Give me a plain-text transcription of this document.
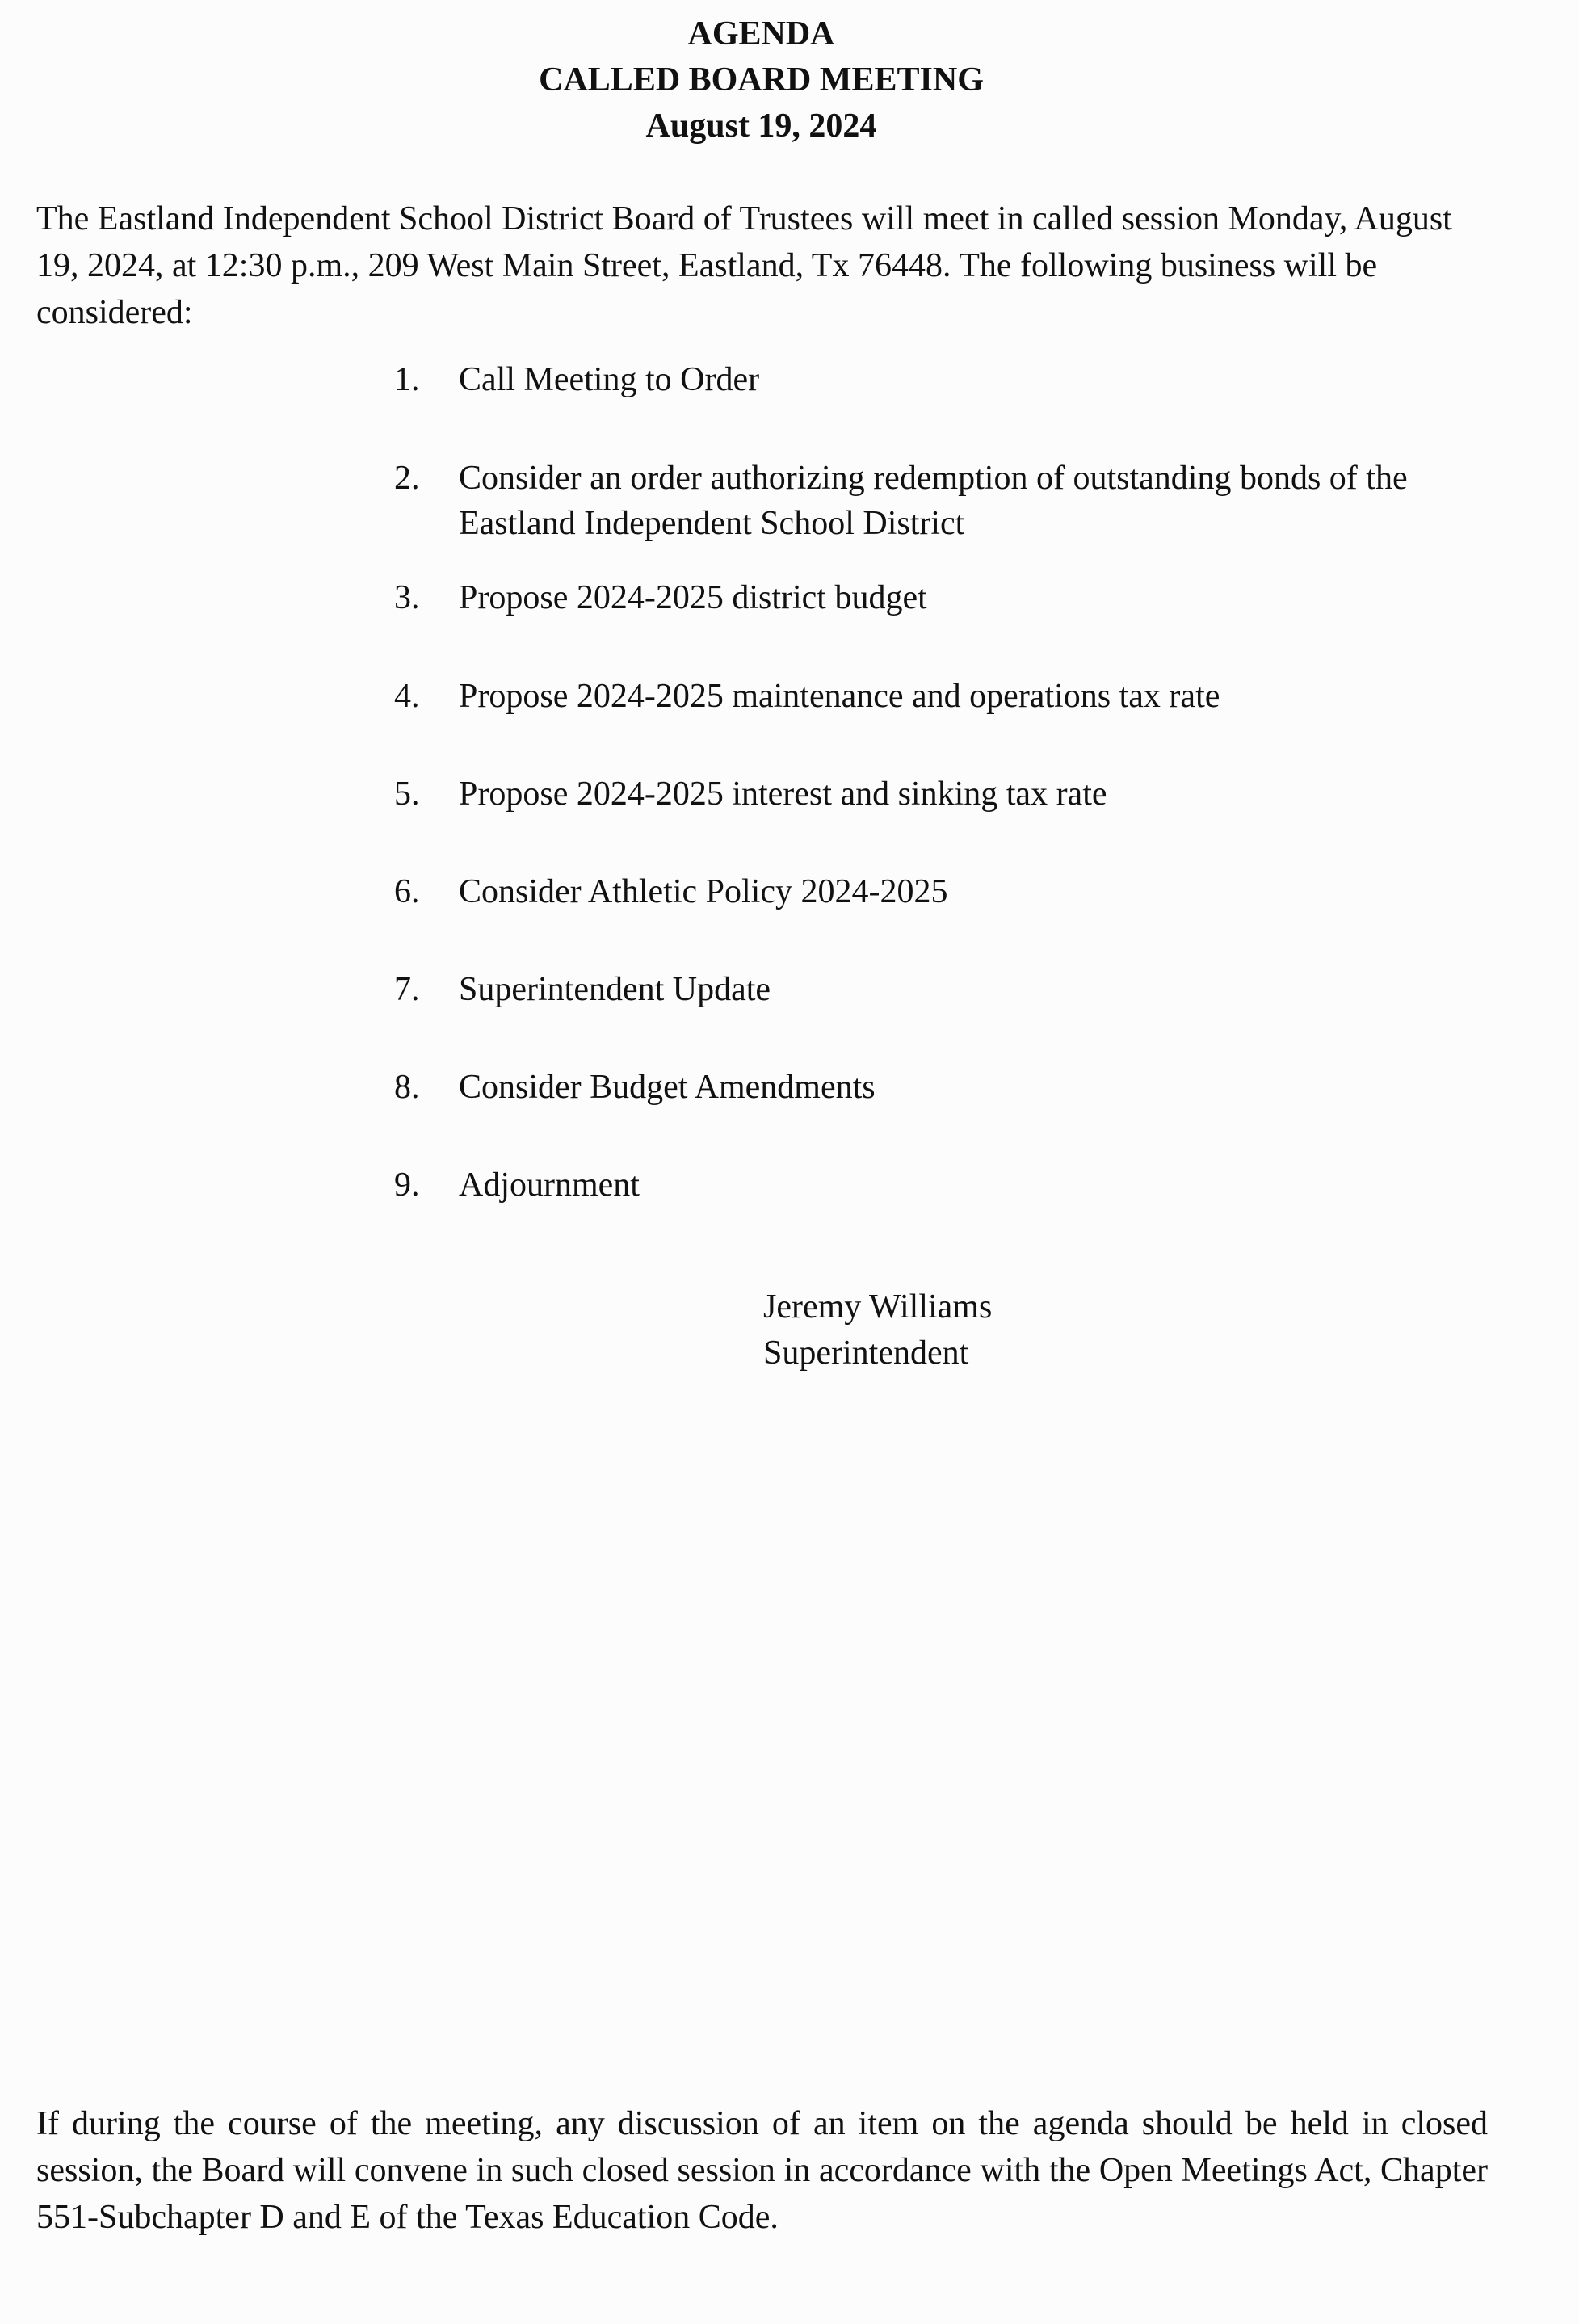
AGENDA
CALLED BOARD MEETING
August 19, 2024
The Eastland Independent School District Board of Trustees will meet in called session Monday, August 19, 2024, at 12:30 p.m., 209 West Main Street, Eastland, Tx 76448. The following business will be considered:
1.	Call Meeting to Order
2.	Consider an order authorizing redemption of outstanding bonds of the Eastland Independent School District
3.	Propose 2024-2025 district budget
4.	Propose 2024-2025 maintenance and operations tax rate
5.	Propose 2024-2025 interest and sinking tax rate
6.	Consider Athletic Policy 2024-2025
7.	Superintendent Update
8.	Consider Budget Amendments
9.	Adjournment
Jeremy Williams
Superintendent
If during the course of the meeting, any discussion of an item on the agenda should be held in closed session, the Board will convene in such closed session in accordance with the Open Meetings Act, Chapter 551-Subchapter D and E of the Texas Education Code.
